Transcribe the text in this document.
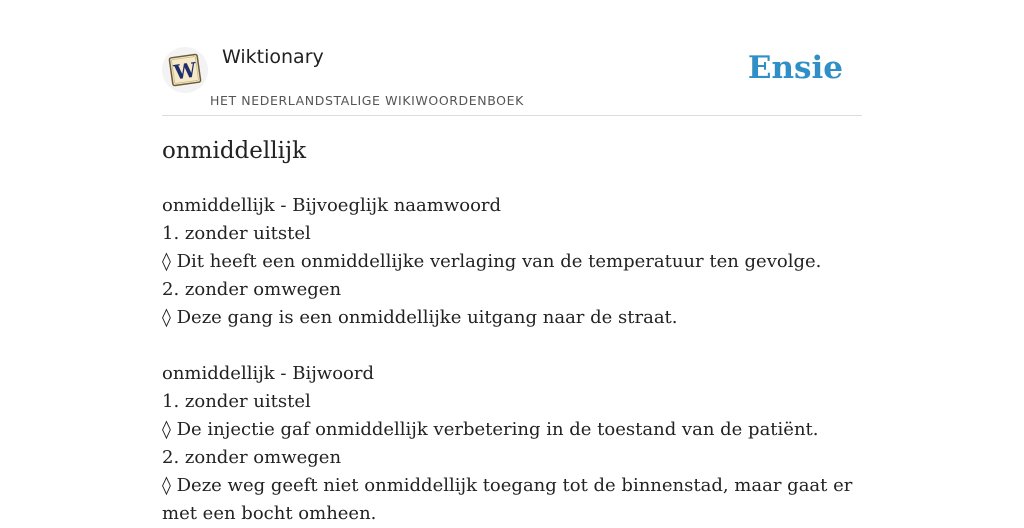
W
Wiktionary
HET NEDERLANDSTALIGE WIKIWOORDENBOEK
Ensie
onmiddellijk
onmiddellijk - Bijvoeglijk naamwoord
1. zonder uitstel
◊ Dit heeft een onmiddellijke verlaging van de temperatuur ten gevolge.
2. zonder omwegen
◊ Deze gang is een onmiddellijke uitgang naar de straat.
onmiddellijk - Bijwoord
1. zonder uitstel
◊ De injectie gaf onmiddellijk verbetering in de toestand van de patiënt.
2. zonder omwegen
◊ Deze weg geeft niet onmiddellijk toegang tot de binnenstad, maar gaat er met een bocht omheen.
